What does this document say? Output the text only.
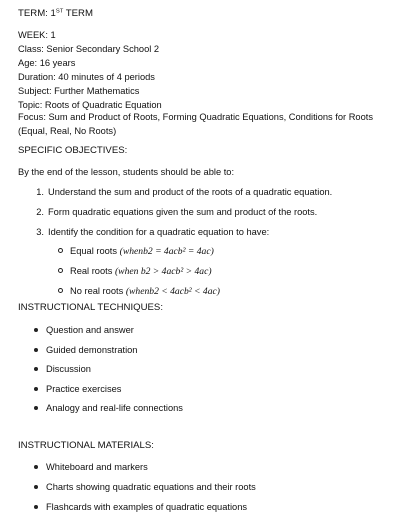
TERM: 1ST TERM
WEEK: 1
Class: Senior Secondary School 2
Age: 16 years
Duration: 40 minutes of 4 periods
Subject: Further Mathematics
Topic: Roots of Quadratic Equation
Focus: Sum and Product of Roots, Forming Quadratic Equations, Conditions for Roots (Equal, Real, No Roots)
SPECIFIC OBJECTIVES:
By the end of the lesson, students should be able to:
1. Understand the sum and product of the roots of a quadratic equation.
2. Form quadratic equations given the sum and product of the roots.
3. Identify the condition for a quadratic equation to have:
Equal roots (whenb2 = 4acb² = 4ac)
Real roots (when b2 > 4acb² > 4ac)
No real roots (whenb2 < 4acb² < 4ac)
INSTRUCTIONAL TECHNIQUES:
Question and answer
Guided demonstration
Discussion
Practice exercises
Analogy and real-life connections
INSTRUCTIONAL MATERIALS:
Whiteboard and markers
Charts showing quadratic equations and their roots
Flashcards with examples of quadratic equations
